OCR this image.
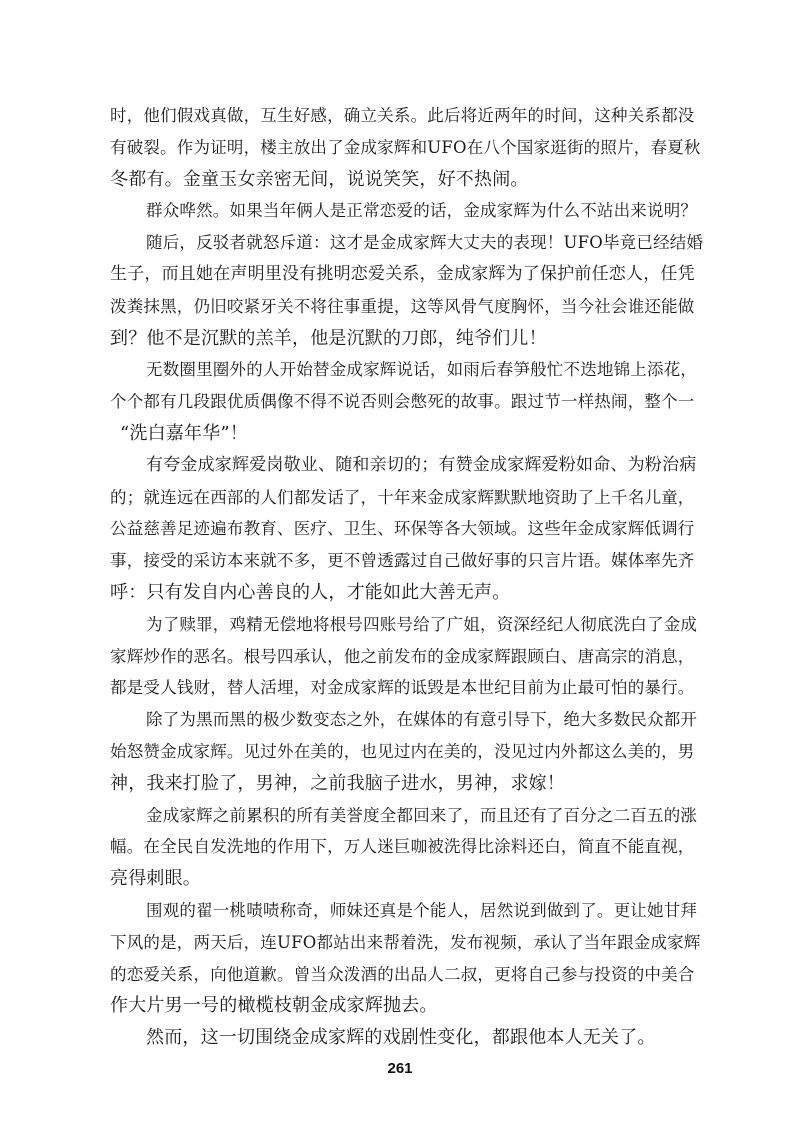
时，他们假戏真做，互生好感，确立关系。此后将近两年的时间，这种关系都没
有破裂。作为证明，楼主放出了金成家辉和UFO在八个国家逛街的照片，春夏秋
冬都有。金童玉女亲密无间，说说笑笑，好不热闹。
群众哗然。如果当年俩人是正常恋爱的话，金成家辉为什么不站出来说明？
随后，反驳者就怒斥道：这才是金成家辉大丈夫的表现！UFO毕竟已经结婚
生子，而且她在声明里没有挑明恋爱关系，金成家辉为了保护前任恋人，任凭
泼粪抹黑，仍旧咬紧牙关不将往事重提，这等风骨气度胸怀，当今社会谁还能做
到？他不是沉默的羔羊，他是沉默的刀郎，纯爷们儿！
无数圈里圈外的人开始替金成家辉说话，如雨后春笋般忙不迭地锦上添花，
个个都有几段跟优质偶像不得不说否则会憋死的故事。跟过节一样热闹，整个一
“洗白嘉年华”！
有夸金成家辉爱岗敬业、随和亲切的；有赞金成家辉爱粉如命、为粉治病
的；就连远在西部的人们都发话了，十年来金成家辉默默地资助了上千名儿童，
公益慈善足迹遍布教育、医疗、卫生、环保等各大领域。这些年金成家辉低调行
事，接受的采访本来就不多，更不曾透露过自己做好事的只言片语。媒体率先齐
呼：只有发自内心善良的人，才能如此大善无声。
为了赎罪，鸡精无偿地将根号四账号给了广姐，资深经纪人彻底洗白了金成
家辉炒作的恶名。根号四承认，他之前发布的金成家辉跟顾白、唐高宗的消息，
都是受人钱财，替人活埋，对金成家辉的诋毁是本世纪目前为止最可怕的暴行。
除了为黑而黑的极少数变态之外，在媒体的有意引导下，绝大多数民众都开
始怒赞金成家辉。见过外在美的，也见过内在美的，没见过内外都这么美的，男
神，我来打脸了，男神，之前我脑子进水，男神，求嫁！
金成家辉之前累积的所有美誉度全都回来了，而且还有了百分之二百五的涨
幅。在全民自发洗地的作用下，万人迷巨咖被洗得比涂料还白，简直不能直视，
亮得刺眼。
围观的翟一桃啧啧称奇，师妹还真是个能人，居然说到做到了。更让她甘拜
下风的是，两天后，连UFO都站出来帮着洗，发布视频，承认了当年跟金成家辉
的恋爱关系，向他道歉。曾当众泼酒的出品人二叔，更将自己参与投资的中美合
作大片男一号的橄榄枝朝金成家辉抛去。
然而，这一切围绕金成家辉的戏剧性变化，都跟他本人无关了。
261
